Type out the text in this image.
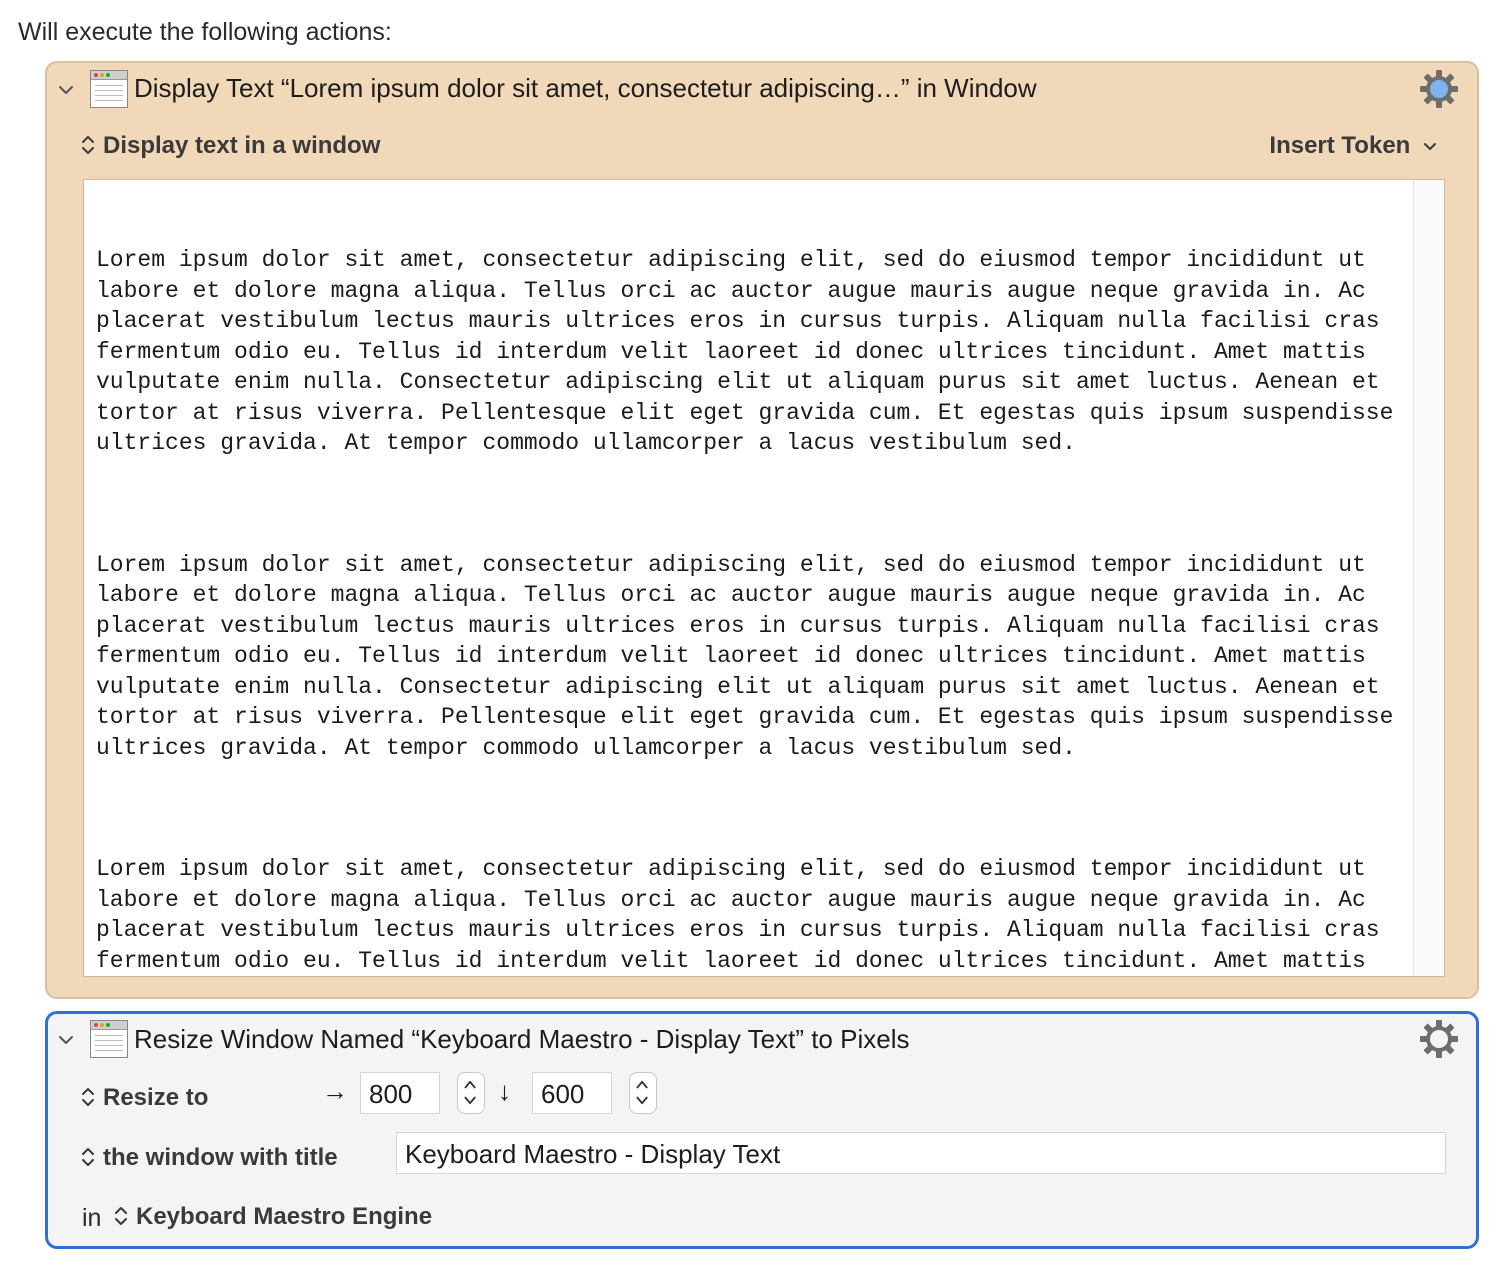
Will execute the following actions:
Display Text “Lorem ipsum dolor sit amet, consectetur adipiscing…” in Window
Display text in a window	Insert Token

Lorem ipsum dolor sit amet, consectetur adipiscing elit, sed do eiusmod tempor incididunt ut labore et dolore magna aliqua. Tellus orci ac auctor augue mauris augue neque gravida in. Ac placerat vestibulum lectus mauris ultrices eros in cursus turpis. Aliquam nulla facilisi cras fermentum odio eu. Tellus id interdum velit laoreet id donec ultrices tincidunt. Amet mattis vulputate enim nulla. Consectetur adipiscing elit ut aliquam purus sit amet luctus. Aenean et tortor at risus viverra. Pellentesque elit eget gravida cum. Et egestas quis ipsum suspendisse ultrices gravida. At tempor commodo ullamcorper a lacus vestibulum sed.

Lorem ipsum dolor sit amet, consectetur adipiscing elit, sed do eiusmod tempor incididunt ut labore et dolore magna aliqua. Tellus orci ac auctor augue mauris augue neque gravida in. Ac placerat vestibulum lectus mauris ultrices eros in cursus turpis. Aliquam nulla facilisi cras fermentum odio eu. Tellus id interdum velit laoreet id donec ultrices tincidunt. Amet mattis vulputate enim nulla. Consectetur adipiscing elit ut aliquam purus sit amet luctus. Aenean et tortor at risus viverra. Pellentesque elit eget gravida cum. Et egestas quis ipsum suspendisse ultrices gravida. At tempor commodo ullamcorper a lacus vestibulum sed.

Lorem ipsum dolor sit amet, consectetur adipiscing elit, sed do eiusmod tempor incididunt ut labore et dolore magna aliqua. Tellus orci ac auctor augue mauris augue neque gravida in. Ac placerat vestibulum lectus mauris ultrices eros in cursus turpis. Aliquam nulla facilisi cras fermentum odio eu. Tellus id interdum velit laoreet id donec ultrices tincidunt. Amet mattis

Resize Window Named “Keyboard Maestro - Display Text” to Pixels
Resize to	→ 800	↓	600
the window with title	Keyboard Maestro - Display Text
in	Keyboard Maestro Engine
